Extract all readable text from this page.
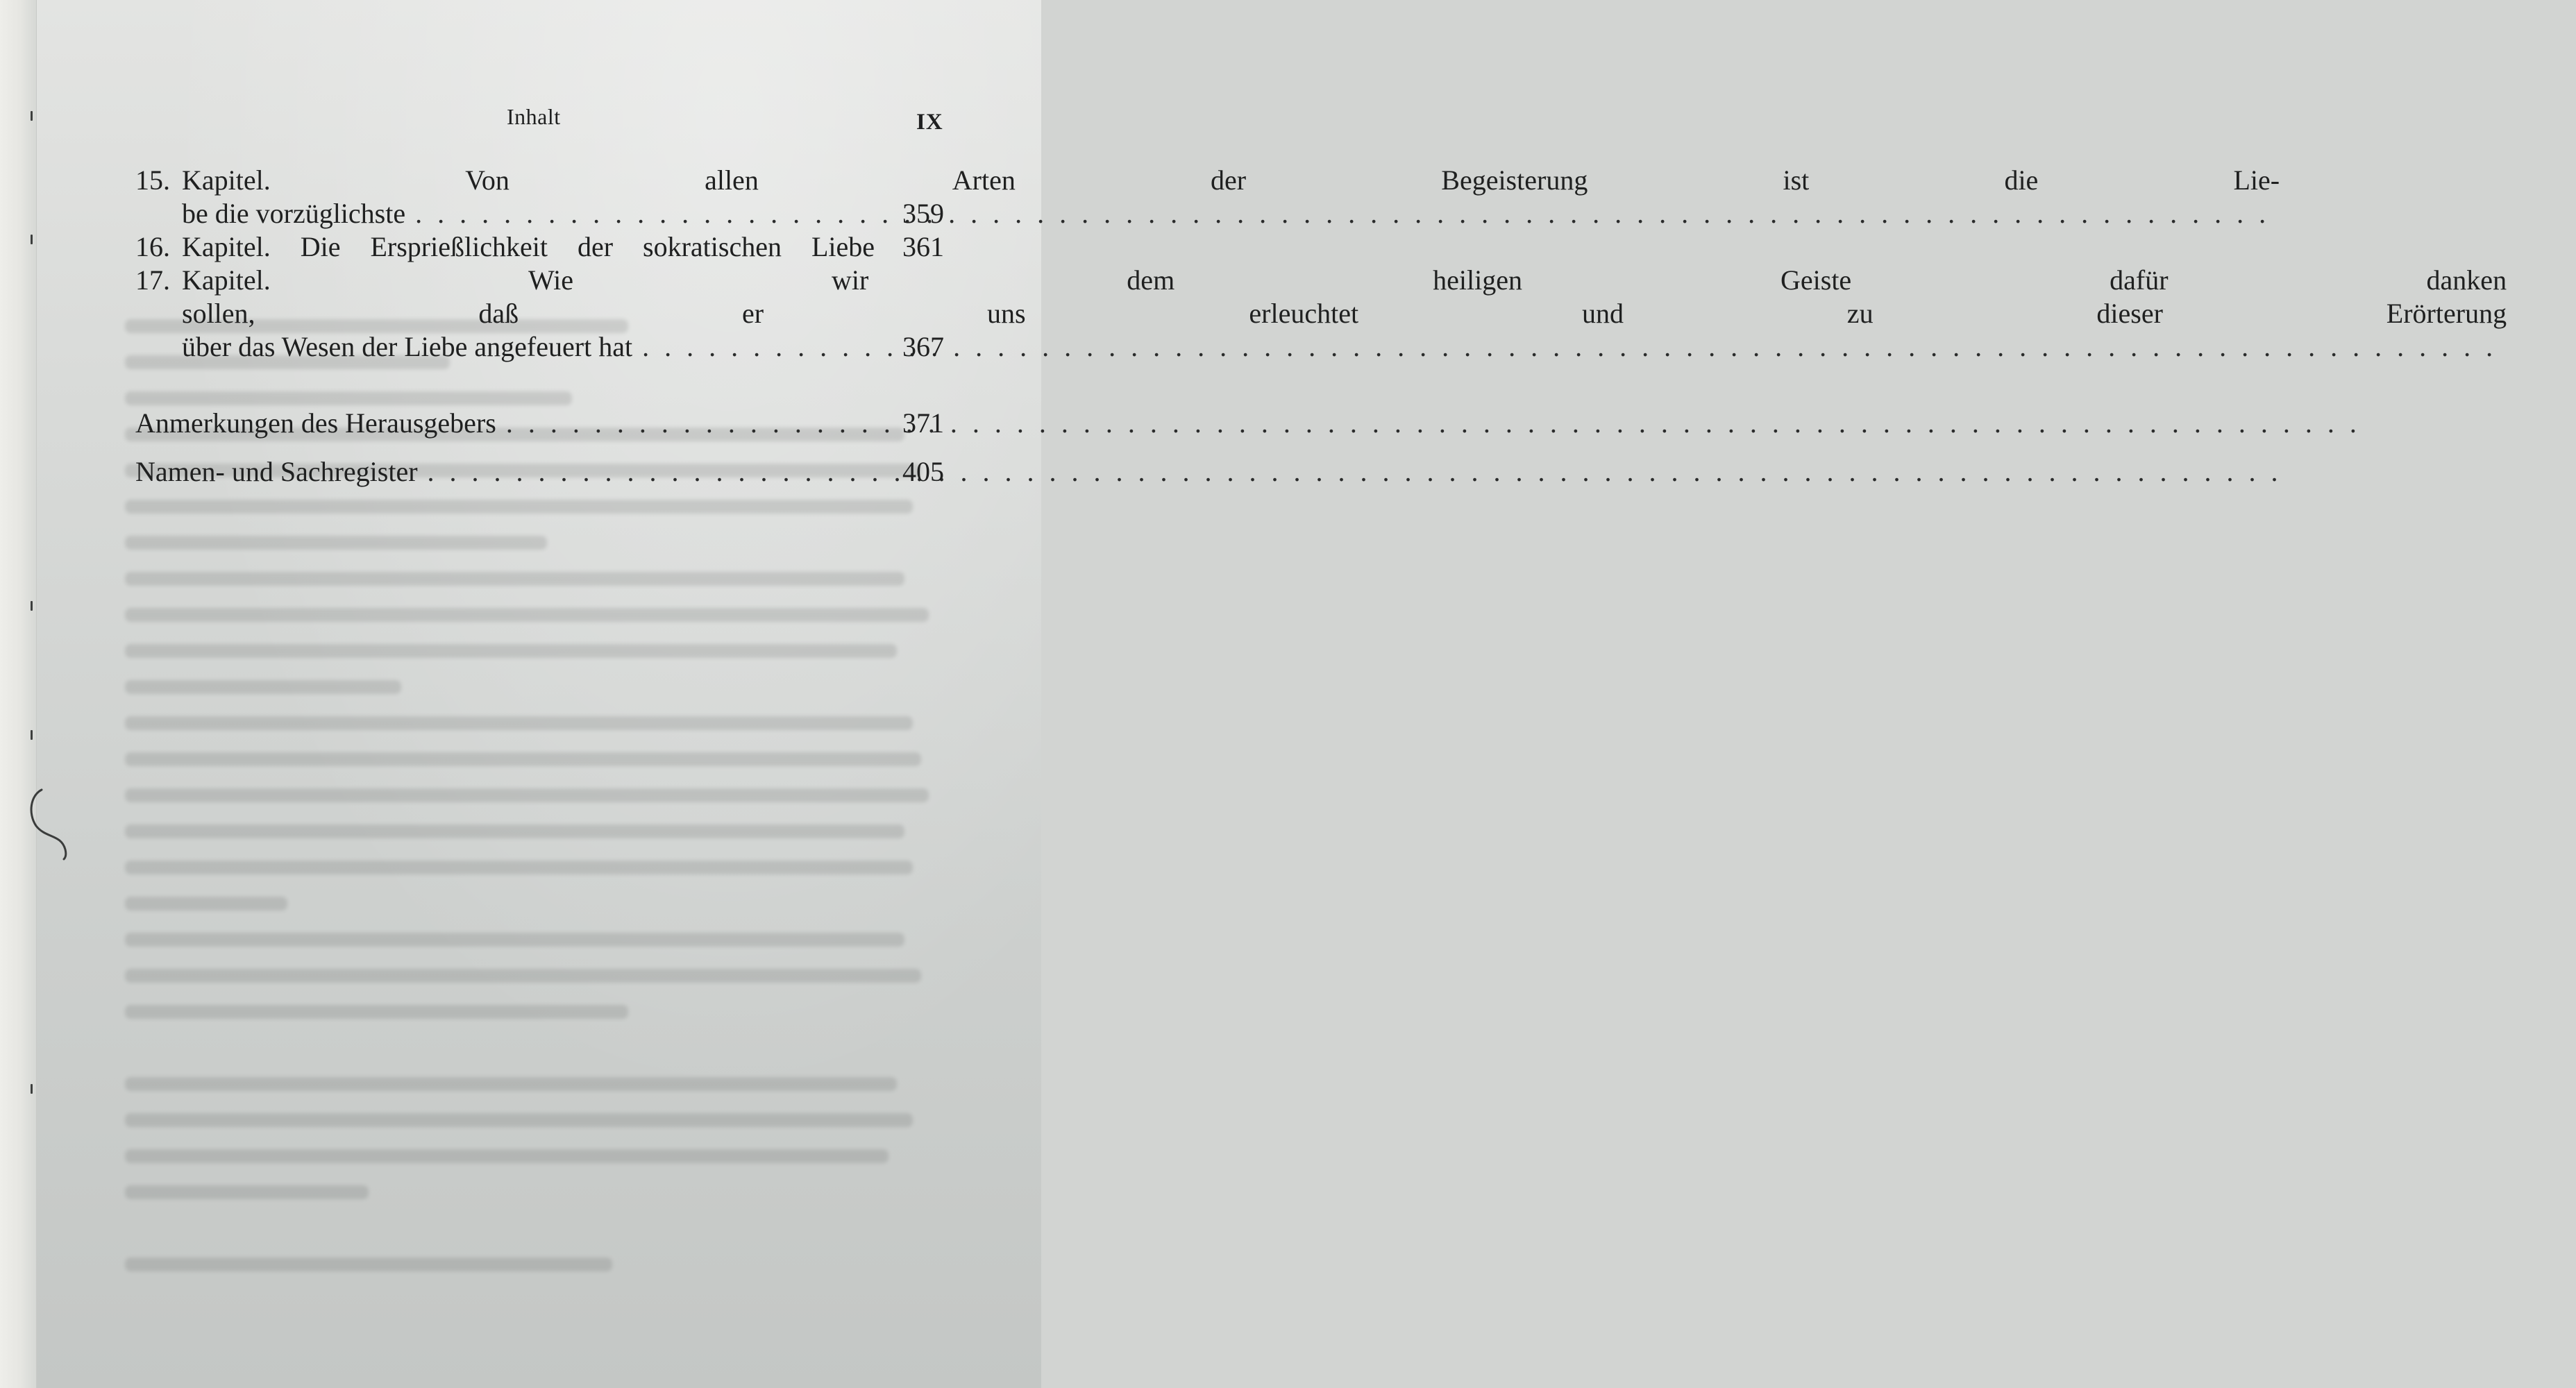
Inhalt	IX
15. Kapitel. Von allen Arten der Begeisterung ist die Lie-
be die vorzüglichste . . .	359
16. Kapitel. Die Ersprießlichkeit der sokratischen Liebe	361
17. Kapitel. Wie wir dem heiligen Geiste dafür danken
sollen, daß er uns erleuchtet und zu dieser Erörterung
über das Wesen der Liebe angefeuert hat . . .	367
Anmerkungen des Herausgebers . . .	371
Namen- und Sachregister . . .	405
